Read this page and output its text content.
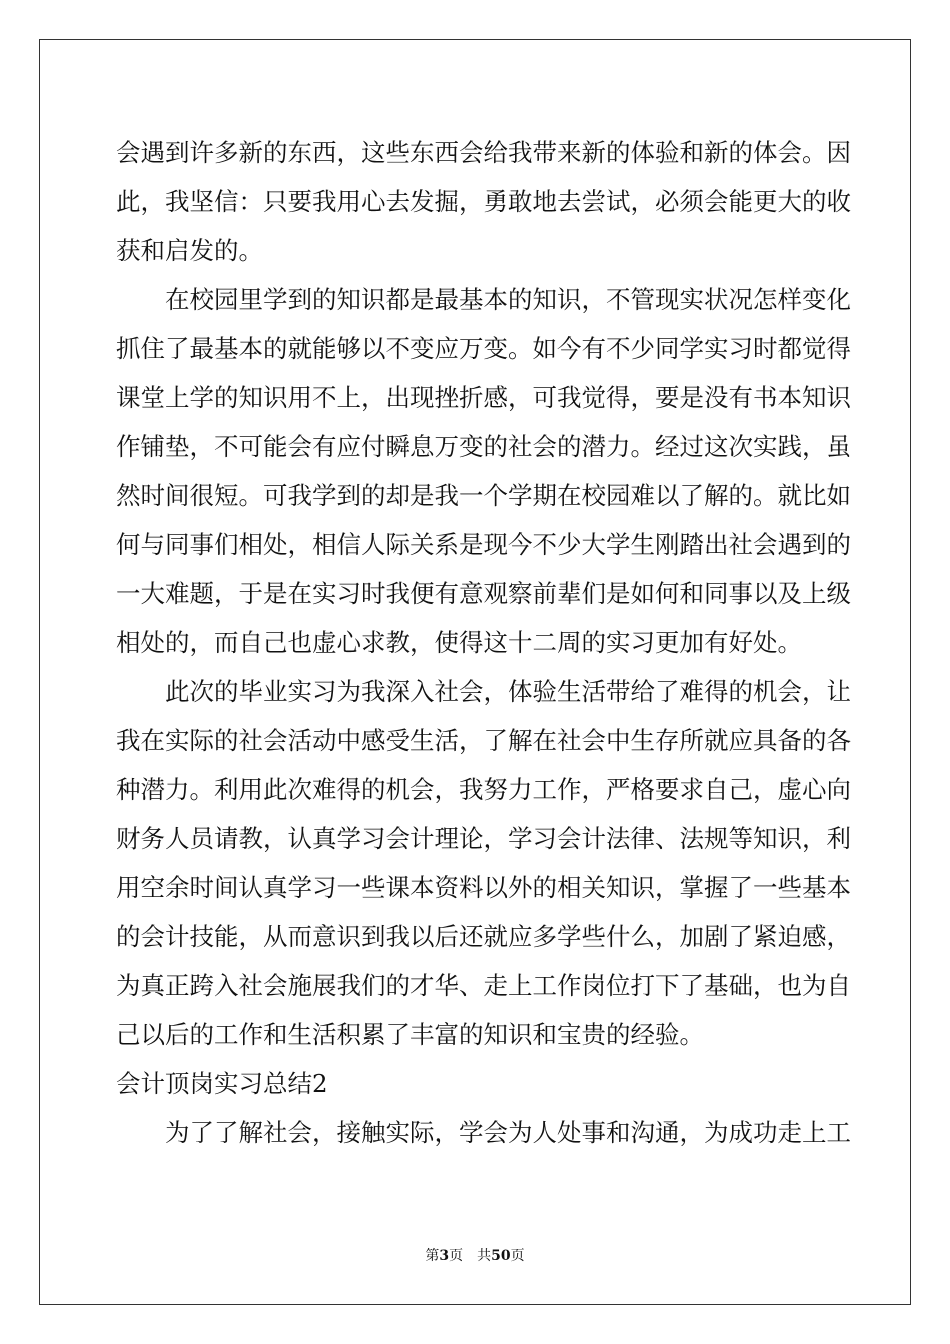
会遇到许多新的东西，这些东西会给我带来新的体验和新的体会。因
此，我坚信：只要我用心去发掘，勇敢地去尝试，必须会能更大的收
获和启发的。
在校园里学到的知识都是最基本的知识，不管现实状况怎样变化
抓住了最基本的就能够以不变应万变。如今有不少同学实习时都觉得
课堂上学的知识用不上，出现挫折感，可我觉得，要是没有书本知识
作铺垫，不可能会有应付瞬息万变的社会的潜力。经过这次实践，虽
然时间很短。可我学到的却是我一个学期在校园难以了解的。就比如
何与同事们相处，相信人际关系是现今不少大学生刚踏出社会遇到的
一大难题，于是在实习时我便有意观察前辈们是如何和同事以及上级
相处的，而自己也虚心求教，使得这十二周的实习更加有好处。
此次的毕业实习为我深入社会，体验生活带给了难得的机会，让
我在实际的社会活动中感受生活，了解在社会中生存所就应具备的各
种潜力。利用此次难得的机会，我努力工作，严格要求自己，虚心向
财务人员请教，认真学习会计理论，学习会计法律、法规等知识，利
用空余时间认真学习一些课本资料以外的相关知识，掌握了一些基本
的会计技能，从而意识到我以后还就应多学些什么，加剧了紧迫感，
为真正跨入社会施展我们的才华、走上工作岗位打下了基础，也为自
己以后的工作和生活积累了丰富的知识和宝贵的经验。
会计顶岗实习总结2
为了了解社会，接触实际，学会为人处事和沟通，为成功走上工
第3页　共50页
